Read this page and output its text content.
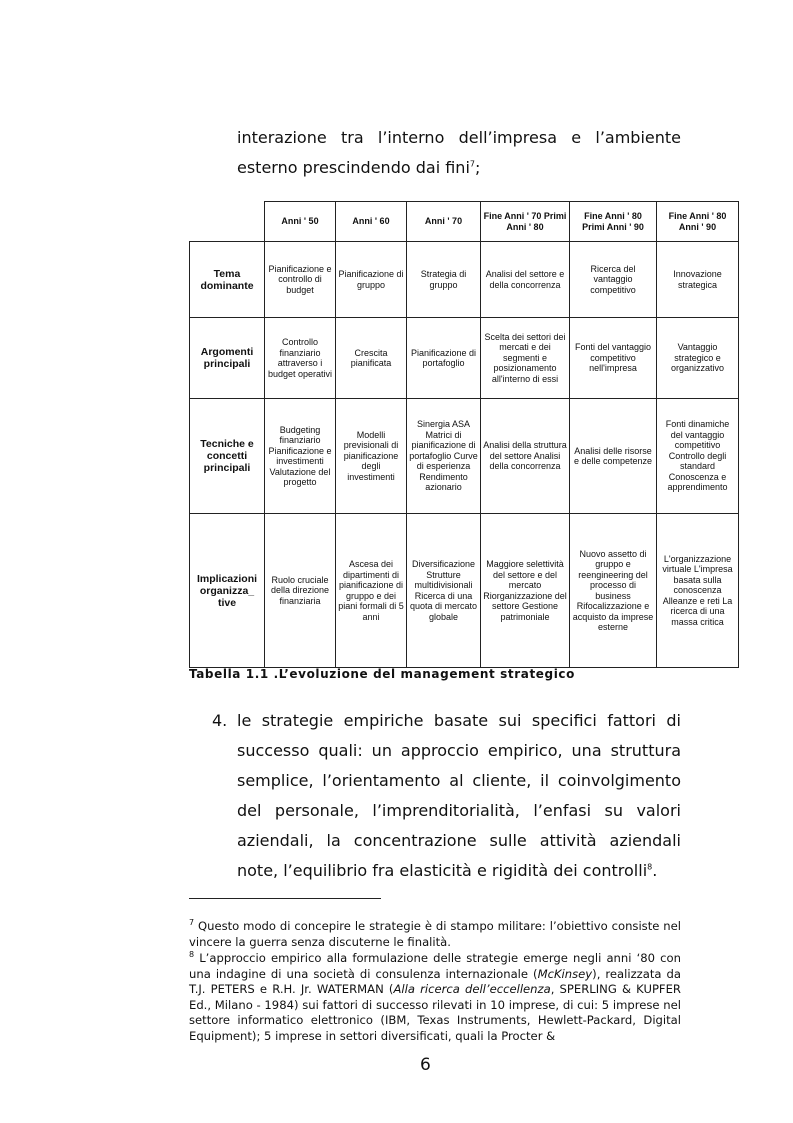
interazione tra l’interno dell’impresa e l’ambiente esterno prescindendo dai fini$^7$;
	Anni ' 50	Anni ' 60	Anni ' 70	Fine Anni ' 70 Primi Anni ' 80	Fine Anni ' 80 Primi Anni ' 90	Fine Anni ' 80 Anni ' 90
Tema dominante	Pianificazione e controllo di budget	Pianificazione di gruppo	Strategia di gruppo	Analisi del settore e della concorrenza	Ricerca del vantaggio competitivo	Innovazione strategica
Argomenti principali	Controllo finanziario attraverso i budget operativi	Crescita pianificata	Pianificazione di portafoglio	Scelta dei settori dei mercati e dei segmenti e posizionamento all'interno di essi	Fonti del vantaggio competitivo nell'impresa	Vantaggio strategico e organizzativo
Tecniche e concetti principali	Budgeting finanziario Pianificazione e investimenti Valutazione del progetto	Modelli previsionali di pianificazione degli investimenti	Sinergia ASA Matrici di pianificazione di portafoglio Curve di esperienza Rendimento azionario	Analisi della struttura del settore Analisi della concorrenza	Analisi delle risorse e delle competenze	Fonti dinamiche del vantaggio competitivo Controllo degli standard Conoscenza e apprendimento
Implicazioni organizza_ tive	Ruolo cruciale della direzione finanziaria	Ascesa dei dipartimenti di pianificazione di gruppo e dei piani formali di 5 anni	Diversificazione Strutture multidivisionali Ricerca di una quota di mercato globale	Maggiore selettività del settore e del mercato Riorganizzazione del settore Gestione patrimoniale	Nuovo assetto di gruppo e reengineering del processo di business Rifocalizzazione e acquisto da imprese esterne	L'organizzazione virtuale L'impresa basata sulla conoscenza Alleanze e reti La ricerca di una massa critica
Tabella 1.1 .L’evoluzione del management strategico
4. le strategie empiriche basate sui specifici fattori di successo quali: un approccio empirico, una struttura semplice, l’orientamento al cliente, il coinvolgimento del personale, l’imprenditorialità, l’enfasi su valori aziendali, la concentrazione sulle attività aziendali note, l’equilibrio fra elasticità e rigidità dei controlli$^8$.
$^7$ Questo modo di concepire le strategie è di stampo militare: l’obiettivo consiste nel vincere la guerra senza discuterne le finalità.
$^8$ L’approccio empirico alla formulazione delle strategie emerge negli anni ‘80 con una indagine di una società di consulenza internazionale (McKinsey), realizzata da T.J. PETERS e R.H. Jr. WATERMAN (Alla ricerca dell’eccellenza, SPERLING & KUPFER Ed., Milano - 1984) sui fattori di successo rilevati in 10 imprese, di cui: 5 imprese nel settore informatico elettronico (IBM, Texas Instruments, Hewlett-Packard, Digital Equipment); 5 imprese in settori diversificati, quali la Procter &
6
